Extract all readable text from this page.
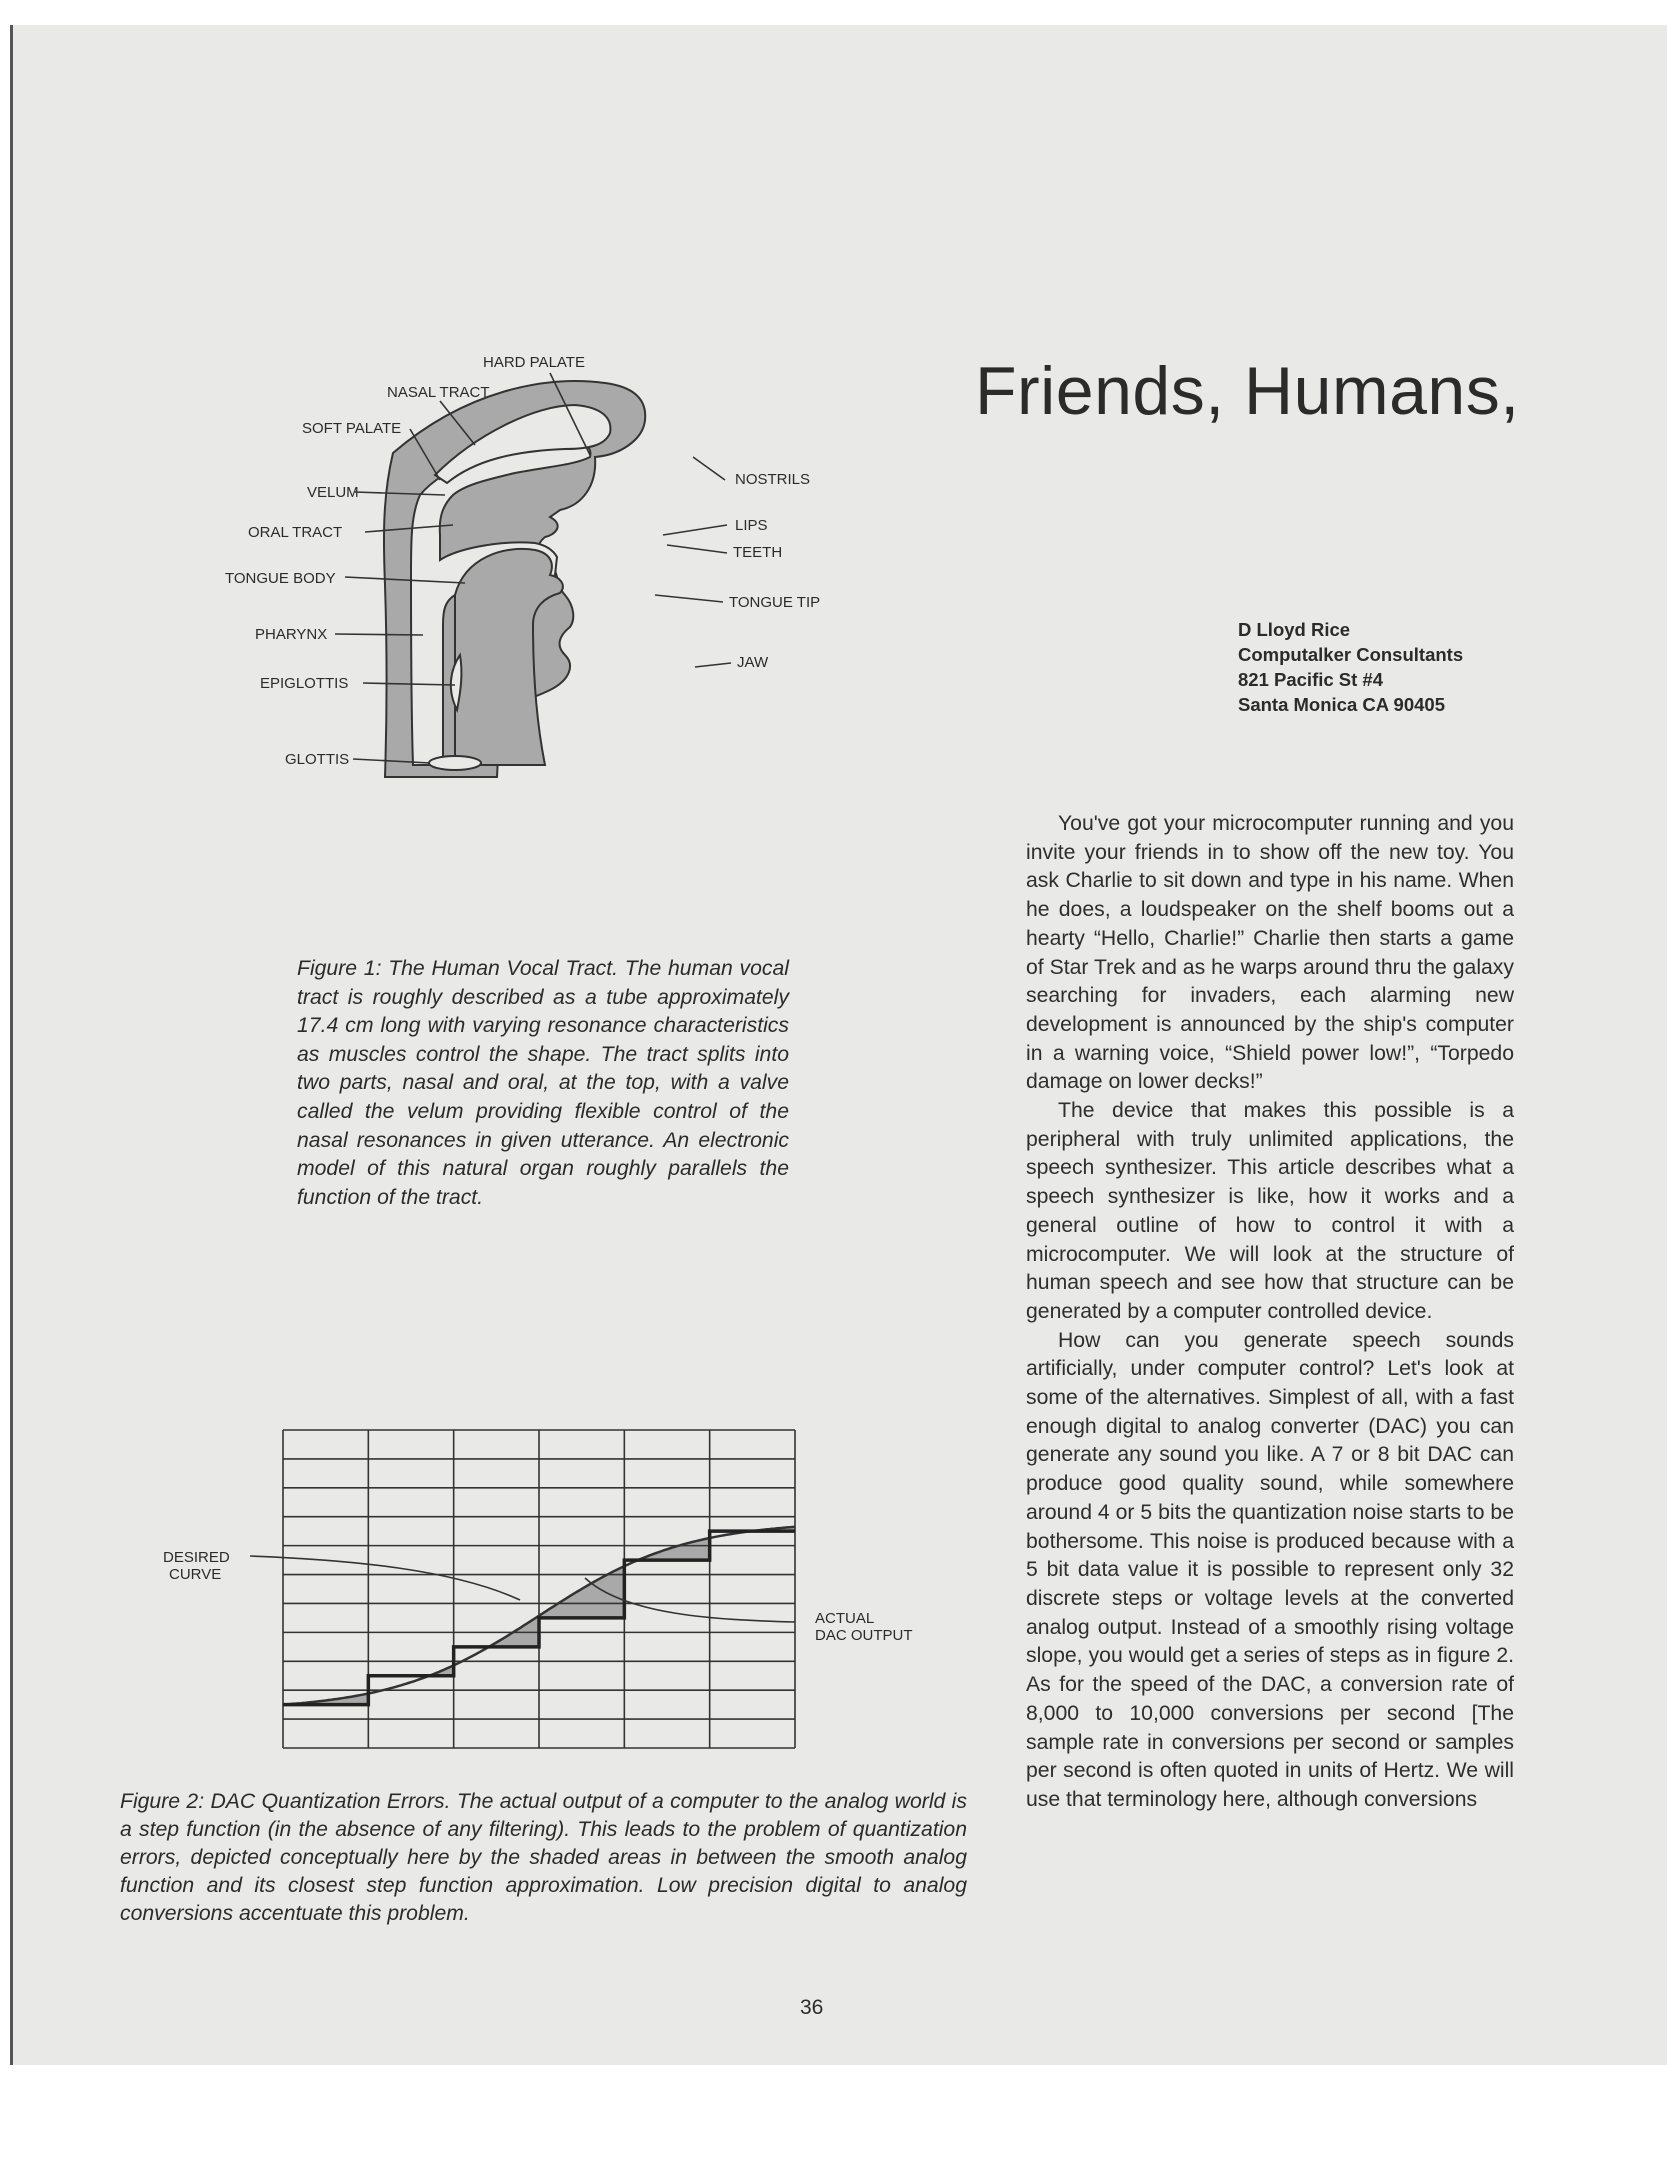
HARD PALATE
NASAL TRACT
SOFT PALATE
VELUM
ORAL TRACT
TONGUE BODY
PHARYNX
EPIGLOTTIS
GLOTTIS
NOSTRILS
LIPS
TEETH
TONGUE TIP
JAW
Figure 1: The Human Vocal Tract. The human vocal tract is roughly described as a tube approximately 17.4 cm long with varying resonance characteristics as muscles control the shape. The tract splits into two parts, nasal and oral, at the top, with a valve called the velum providing flexible control of the nasal resonances in given utterance. An electronic model of this natural organ roughly parallels the function of the tract.
DESIRED
CURVE
ACTUAL
DAC OUTPUT
Figure 2: DAC Quantization Errors. The actual output of a computer to the analog world is a step function (in the absence of any filtering). This leads to the problem of quantization errors, depicted conceptually here by the shaded areas in between the smooth analog function and its closest step function approximation. Low precision digital to analog conversions accentuate this problem.
Friends, Humans,
D Lloyd Rice
Computalker Consultants
821 Pacific St #4
Santa Monica CA 90405

You've got your microcomputer running and you invite your friends in to show off the new toy. You ask Charlie to sit down and type in his name. When he does, a loudspeaker on the shelf booms out a hearty “Hello, Charlie!” Charlie then starts a game of Star Trek and as he warps around thru the galaxy searching for invaders, each alarming new development is announced by the ship's computer in a warning voice, “Shield power low!”, “Torpedo damage on lower decks!”

The device that makes this possible is a peripheral with truly unlimited applications, the speech synthesizer. This article describes what a speech synthesizer is like, how it works and a general outline of how to control it with a microcomputer. We will look at the structure of human speech and see how that structure can be generated by a computer controlled device.

How can you generate speech sounds artificially, under computer control? Let's look at some of the alternatives. Simplest of all, with a fast enough digital to analog converter (DAC) you can generate any sound you like. A 7 or 8 bit DAC can produce good quality sound, while somewhere around 4 or 5 bits the quantization noise starts to be bothersome. This noise is produced because with a 5 bit data value it is possible to represent only 32 discrete steps or voltage levels at the converted analog output. Instead of a smoothly rising voltage slope, you would get a series of steps as in figure 2. As for the speed of the DAC, a conversion rate of 8,000 to 10,000 conversions per second [The sample rate in conversions per second or samples per second is often quoted in units of Hertz. We will use that terminology here, although conversions

36
